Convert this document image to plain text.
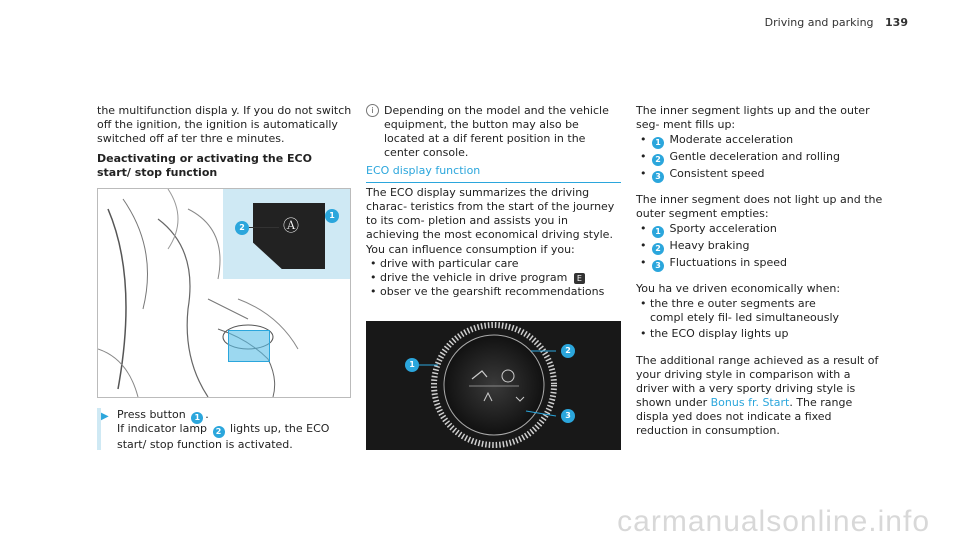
Driving and parking 139

the multifunction displa y. If you do not switch off the ignition, the ignition is automatically switched off af ter thre e minutes.

Deactivating or activating the ECO start/ stop function

Ⓐ
2
1
▶ Press button 1 .

If indicator lamp 2 lights up, the ECO start/ stop function is activated.

i Depending on the model and the vehicle equipment, the button may also be located at a dif ferent position in the center console.

ECO display function

The ECO display summarizes the driving charac‐ teristics from the start of the journey to its com‐ pletion and assists you in achieving the most economical driving style.

You can influence consumption if you:

• drive with particular care

• drive the vehicle in drive program E

• obser ve the gearshift recommendations

1
2
3

The inner segment lights up and the outer seg‐ ment fills up:

• 1 Moderate acceleration

• 2 Gentle deceleration and rolling

• 3 Consistent speed

The inner segment does not light up and the outer segment empties:

• 1 Sporty acceleration

• 2 Heavy braking

• 3 Fluctuations in speed

You ha ve driven economically when:

• the thre e outer segments are compl etely fil‐ led simultaneously

• the ECO display lights up

The additional range achieved as a result of your driving style in comparison with a driver with a very sporty driving style is shown under Bonus fr. Start. The range displa yed does not indicate a fixed reduction in consumption.

carmanualsonline.info
